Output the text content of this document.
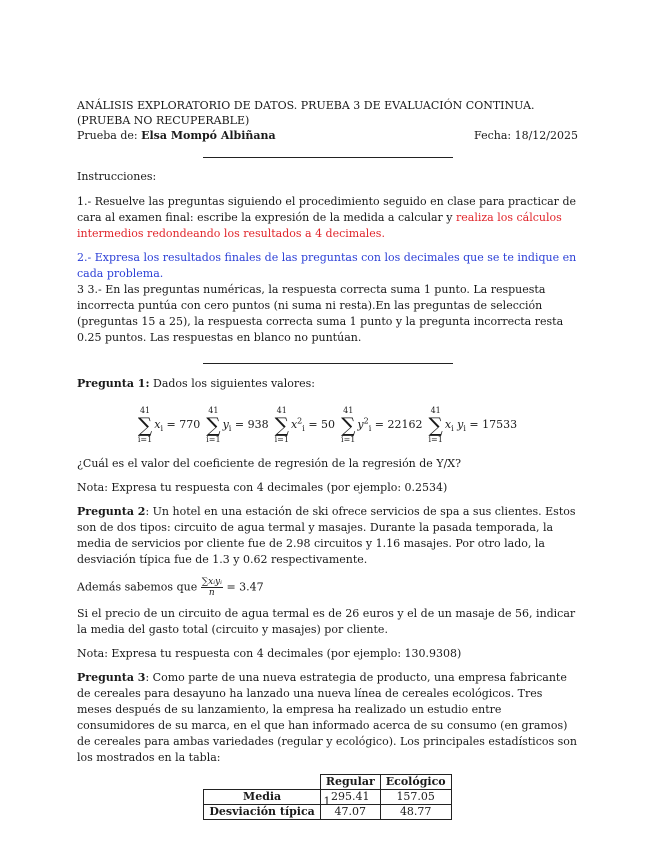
ANÁLISIS EXPLORATORIO DE DATOS. PRUEBA 3 DE EVALUACIÓN CONTINUA.

(PRUEBA NO RECUPERABLE)

Prueba de: Elsa Mompó Albiñana	Fecha: 18/12/2025

Instrucciones:

1.- Resuelve las preguntas siguiendo el procedimiento seguido en clase para practicar de cara al examen final: escribe la expresión de la medida a calcular y realiza los cálculos intermedios redondeando los resultados a 4 decimales.

2.- Expresa los resultados finales de las preguntas con los decimales que se te indique en cada problema.

3 3.- En las preguntas numéricas, la respuesta correcta suma 1 punto. La respuesta incorrecta puntúa con cero puntos (ni suma ni resta).En las preguntas de selección (preguntas 15 a 25), la respuesta correcta suma 1 punto y la pregunta incorrecta resta 0.25 puntos. Las respuestas en blanco no puntúan.

Pregunta 1: Dados los siguientes valores:

41
∑
i=1
$x_i = 770$
41
∑
i=1
$y_i = 938$
41
∑
i=1
$x^2_i = 50$
41
∑
i=1
$y^2_i = 22162$
41
∑
i=1
$x_i$ $y_i = 17533$

¿Cuál es el valor del coeficiente de regresión de la regresión de Y/X?

Nota: Expresa tu respuesta con 4 decimales (por ejemplo: 0.2534)

Pregunta 2: Un hotel en una estación de ski ofrece servicios de spa a sus clientes. Estos son de dos tipos: circuito de agua termal y masajes. Durante la pasada temporada, la media de servicios por cliente fue de 2.98 circuitos y 1.16 masajes. Por otro lado, la desviación típica fue de 1.3 y 0.62 respectivamente.

Además sabemos que $\frac{\text{∑xᵢyᵢ}}{n} = 3.47$

Si el precio de un circuito de agua termal es de 26 euros y el de un masaje de 56, indicar la media del gasto total (circuito y masajes) por cliente.

Nota: Expresa tu respuesta con 4 decimales (por ejemplo: 130.9308)

Pregunta 3: Como parte de una nueva estrategia de producto, una empresa fabricante de cereales para desayuno ha lanzado una nueva línea de cereales ecológicos. Tres meses después de su lanzamiento, la empresa ha realizado un estudio entre consumidores de su marca, en el que han informado acerca de su consumo (en gramos) de cereales para ambas variedades (regular y ecológico). Los principales estadísticos son los mostrados en la tabla:

	Regular	Ecológico
Media	295.41	157.05
Desviación típica	47.07	48.77
1
